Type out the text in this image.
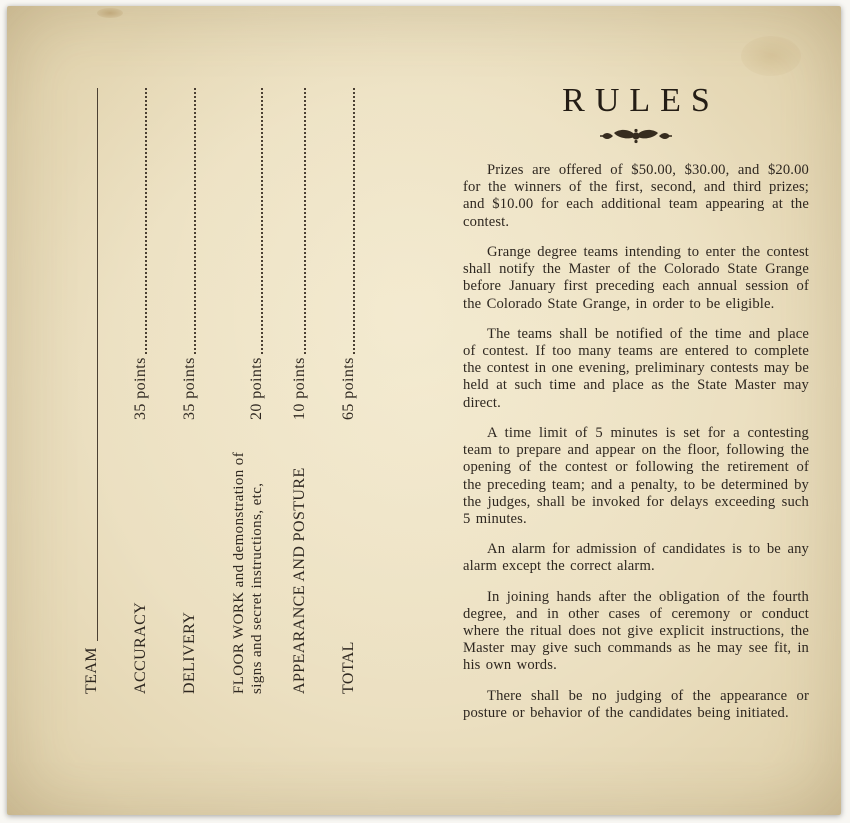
TEAM ACCURACY
35 points
DELIVERY
35 points
FLOOR WORK and demonstration of signs and secret instructions, etc,
20 points
APPEARANCE AND POSTURE
10 points
TOTAL
65 points
RULES

Prizes are offered of $50.00, $30.00, and $20.00 for the winners of the first, second, and third prizes; and $10.00 for each additional team appearing at the contest.

Grange degree teams intending to enter the contest shall notify the Master of the Colorado State Grange before January first preceding each annual session of the Colorado State Grange, in order to be eligible.

The teams shall be notified of the time and place of contest. If too many teams are entered to complete the contest in one evening, preliminary contests may be held at such time and place as the State Master may direct.

A time limit of 5 minutes is set for a contesting team to prepare and appear on the floor, following the opening of the contest or following the retirement of the preceding team; and a penalty, to be determined by the judges, shall be invoked for delays exceeding such 5 minutes.

An alarm for admission of candidates is to be any alarm except the correct alarm.

In joining hands after the obligation of the fourth degree, and in other cases of ceremony or conduct where the ritual does not give explicit instructions, the Master may give such commands as he may see fit, in his own words.

There shall be no judging of the appearance or posture or behavior of the candidates being initiated.
